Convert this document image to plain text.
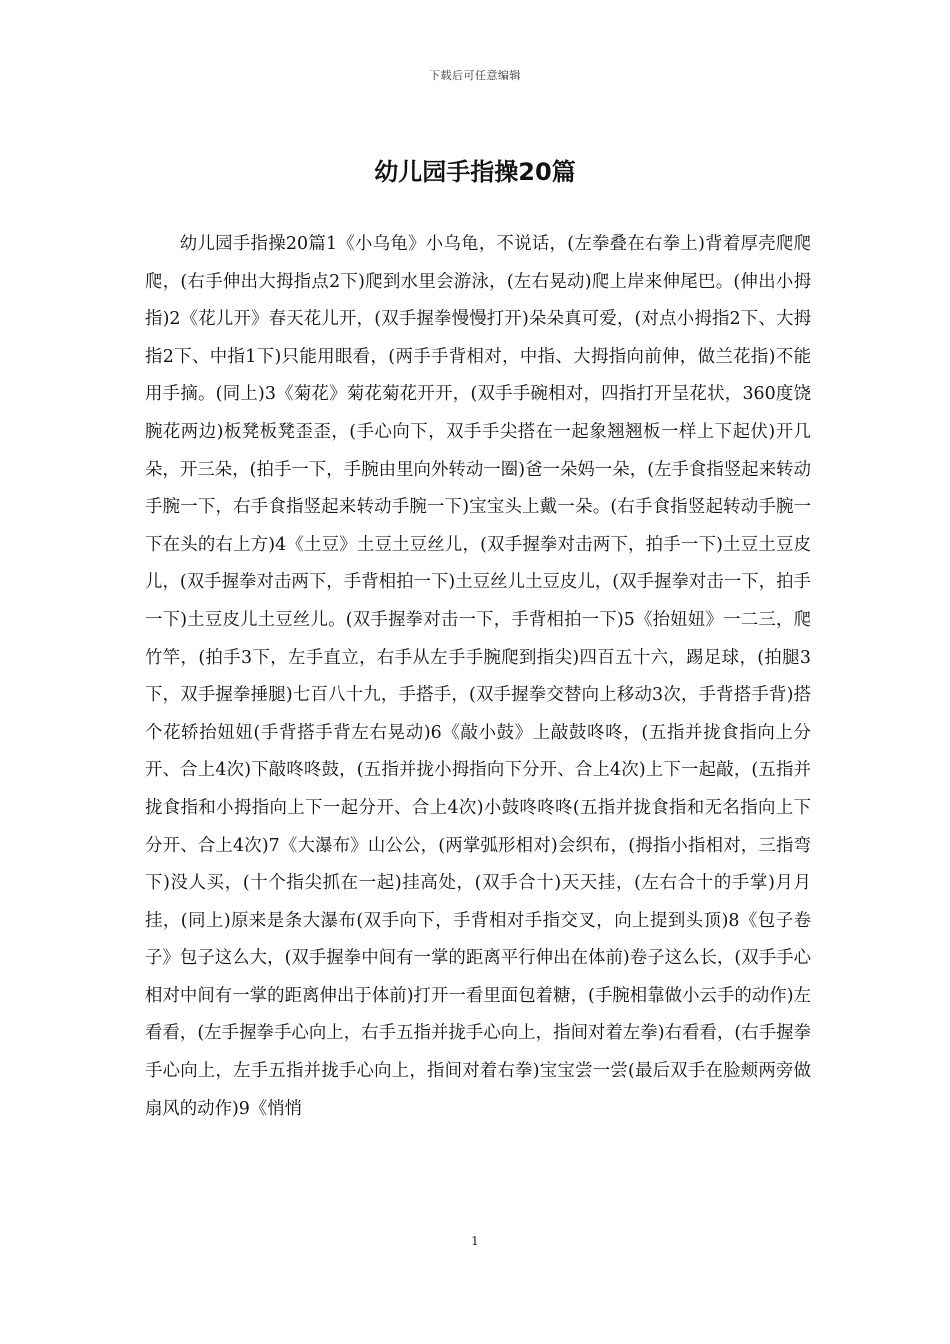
下载后可任意编辑
幼儿园手指操20篇

幼儿园手指操20篇1《小乌龟》小乌龟，不说话，(左拳叠在右拳上)背着厚壳爬爬爬，(右手伸出大拇指点2下)爬到水里会游泳，(左右晃动)爬上岸来伸尾巴。(伸出小拇指)2《花儿开》春天花儿开，(双手握拳慢慢打开)朵朵真可爱，(对点小拇指2下、大拇指2下、中指1下)只能用眼看，(两手手背相对，中指、大拇指向前伸，做兰花指)不能用手摘。(同上)3《菊花》菊花菊花开开，(双手手碗相对，四指打开呈花状，360度饶腕花两边)板凳板凳歪歪，(手心向下，双手手尖搭在一起象翘翘板一样上下起伏)开几朵，开三朵，(拍手一下，手腕由里向外转动一圈)爸一朵妈一朵，(左手食指竖起来转动手腕一下，右手食指竖起来转动手腕一下)宝宝头上戴一朵。(右手食指竖起转动手腕一下在头的右上方)4《土豆》土豆土豆丝儿，(双手握拳对击两下，拍手一下)土豆土豆皮儿，(双手握拳对击两下，手背相拍一下)土豆丝儿土豆皮儿，(双手握拳对击一下，拍手一下)土豆皮儿土豆丝儿。(双手握拳对击一下，手背相拍一下)5《抬妞妞》一二三，爬竹竿，(拍手3下，左手直立，右手从左手手腕爬到指尖)四百五十六，踢足球，(拍腿3下，双手握拳捶腿)七百八十九，手搭手，(双手握拳交替向上移动3次，手背搭手背)搭个花轿抬妞妞(手背搭手背左右晃动)6《敲小鼓》上敲鼓咚咚，(五指并拢食指向上分开、合上4次)下敲咚咚鼓，(五指并拢小拇指向下分开、合上4次)上下一起敲，(五指并拢食指和小拇指向上下一起分开、合上4次)小鼓咚咚咚(五指并拢食指和无名指向上下分开、合上4次)7《大瀑布》山公公，(两掌弧形相对)会织布，(拇指小指相对，三指弯下)没人买，(十个指尖抓在一起)挂高处，(双手合十)天天挂，(左右合十的手掌)月月挂，(同上)原来是条大瀑布(双手向下，手背相对手指交叉，向上提到头顶)8《包子卷子》包子这么大，(双手握拳中间有一掌的距离平行伸出在体前)卷子这么长，(双手手心相对中间有一掌的距离伸出于体前)打开一看里面包着糖，(手腕相靠做小云手的动作)左看看，(左手握拳手心向上，右手五指并拢手心向上，指间对着左拳)右看看，(右手握拳手心向上，左手五指并拢手心向上，指间对着右拳)宝宝尝一尝(最后双手在脸颊两旁做扇风的动作)9《悄悄

1
